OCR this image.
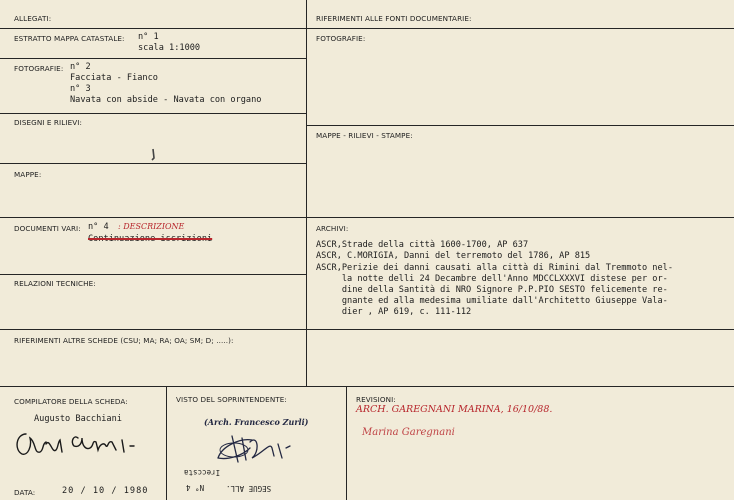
ALLEGATI:
ESTRATTO MAPPA CATASTALE: n° 1
scala 1:1000
FOTOGRAFIE: n° 2
Facciata - Fianco
n° 3
Navata con abside - Navata con organo
DISEGNI E RILIEVI:
MAPPE:
DOCUMENTI VARI: n° 4 : DESCRIZIONE
Continuazione iscrizioni
RELAZIONI TECNICHE:
RIFERIMENTI ALLE FONTI DOCUMENTARIE:
FOTOGRAFIE:
MAPPE - RILIEVI - STAMPE:
ARCHIVI:
ASCR,Strade della città 1600-1700, AP 637
ASCR, C.MORIGIA, Danni del terremoto del 1786, AP 815
ASCR,Perizie dei danni causati alla città di Rimini dal Tremmoto nel-
la notte delli 24 Decambre dell'Anno MDCCLXXXVI distese per or-
dine della Santità di NRO Signore P.P.PIO SESTO felicemente re-
gnante ed alla medesima umiliate dall'Architetto Giuseppe Vala-
dier , AP 619, c. 111-112
RIFERIMENTI ALTRE SCHEDE (CSU; MA; RA; OA; SM; D; .....):
COMPILATORE DELLA SCHEDA:
Augusto Bacchiani
DATA:	20 / 10 / 1980
VISTO DEL SOPRINTENDENTE:
(Arch. Francesco Zurli)
Ireccsta
SEGUE ALL.
N° 4
REVISIONI:
ARCH. GAREGNANI MARINA, 16/10/88.
Marina Garegnani
